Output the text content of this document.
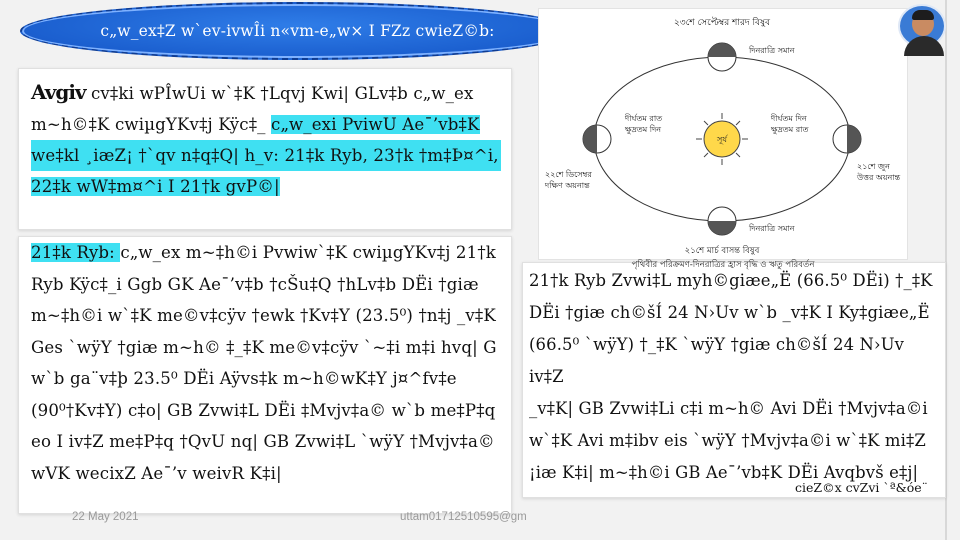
c„w_ex‡Z w`ev-ivwÎi n«vm-e„w× I FZz cwieZ©b:
Avgiv cv‡ki wPÎwUi w`‡K †Lqvj Kwi| GLv‡b c„w_ex
m~h©‡K cwiµgYKv‡j Kÿc‡_ c„w_exi PviwU Ae¯’vb‡K
we‡kl ¸iæZ¡ †`qv n‡q‡Q| h_v: 21‡k Ryb, 23†k †m‡Þ¤^i,
22‡k wW‡m¤^i I 21†k gvP©|
21‡k Ryb: c„w_ex m~‡h©i Pvwiw`‡K cwiµgYKv‡j 21†k
Ryb Kÿc‡_i Ggb GK Ae¯’v‡b †cŠu‡Q †hLv‡b DËi †giæ
m~‡h©i w`‡K me©v‡cÿv †ewk †Kv‡Y (23.5⁰) †n‡j _v‡K
Ges `wÿY †giæ m~h© ‡_‡K me©v‡cÿv `~‡i m‡i hvq| G
w`b ga¨v‡þ 23.5⁰ DËi Aÿvs‡k m~h©wK‡Y j¤^fv‡e
(90⁰†Kv‡Y) c‡o| GB Zvwi‡L DËi ‡Mvjv‡a© w`b me‡P‡q
eo I iv‡Z me‡P‡q †QvU nq| GB Zvwi‡L `wÿY †Mvjv‡a©
wVK wecixZ Ae¯’v weivR K‡i|
21†k Ryb Zvwi‡L myh©giæe„Ë (66.5⁰ DËi) †_‡K
DËi †giæ ch©šÍ 24 N›Uv w`b _v‡K I Ky‡giæe„Ë
(66.5⁰ `wÿY) †_‡K `wÿY †giæ ch©šÍ 24 N›Uv iv‡Z
_v‡K| GB Zvwi‡Li c‡i m~h© Avi DËi †Mvjv‡a©i
w`‡K Avi m‡ibv eis `wÿY †Mvjv‡a©i w`‡K mi‡Z
¡iæ K‡i| m~‡h©i GB Ae¯’vb‡K DËi Avqbvš e‡j|
cieZ©x cvZvi `ª&óe¨
22 May 2021	uttam01712510595@gm
২৩শে সেপ্টেম্বর শারদ বিষুব
দিনরাত্রি সমান
২২শে ডিসেম্বর
দক্ষিণ অয়নান্ত
২১শে জুন
উত্তর অয়নান্ত
২১শে মার্চ বাসন্ত বিষুব
দিনরাত্রি সমান
সূর্য
দীর্ঘতম দিন
ক্ষুদ্রতম রাত
দীর্ঘতম রাত
ক্ষুদ্রতম দিন
পৃথিবীর পরিক্রমণ-দিনরাত্রির হ্রাস বৃদ্ধি ও ঋতু পরিবর্তন
